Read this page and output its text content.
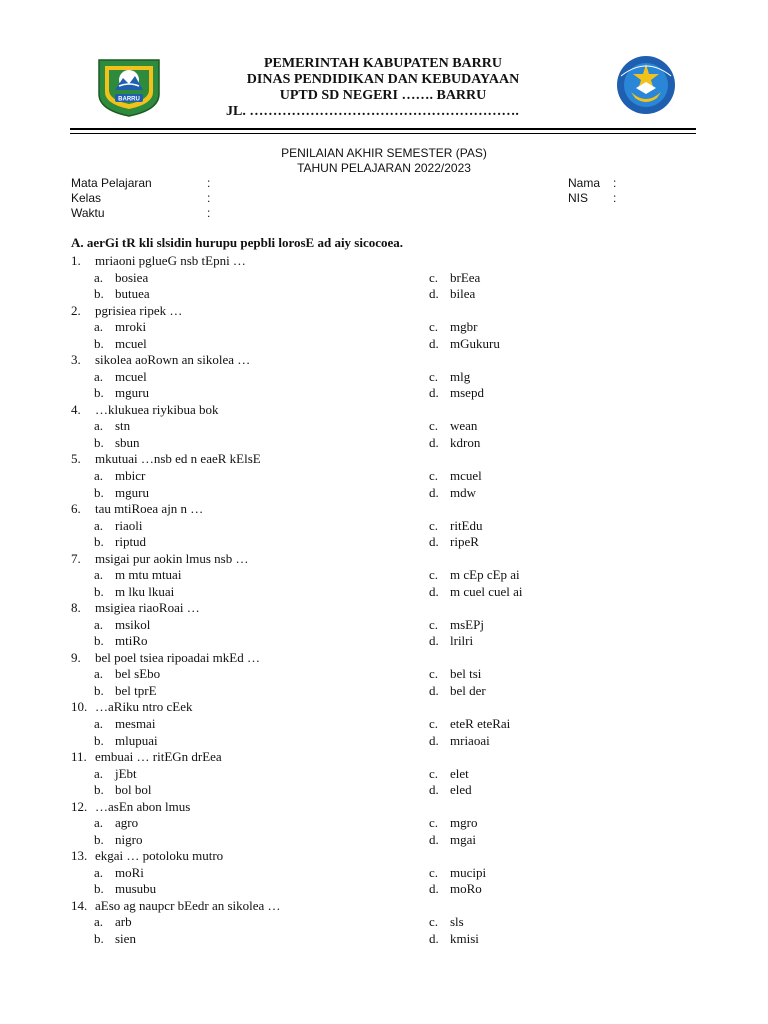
BARRU
PEMERINTAH KABUPATEN BARRU
DINAS PENDIDIKAN DAN KEBUDAYAAN
UPTD SD NEGERI ……. BARRU
JL. ………………………………………………….
PENILAIAN AKHIR SEMESTER (PAS)
TAHUN PELAJARAN 2022/2023
Mata Pelajaran	:
Kelas	:
Waktu	:
Nama :
NIS :
A. aerGi tR kli slsidin hurupu pepbli lorosE ad aiy sicocoea.
1. mriaoni pglueG nsb tEpni …
a. bosiea
b. butuea
c. brEea
d. bilea
2. pgrisiea ripek …
a. mroki
b. mcuel
c. mgbr
d. mGukuru
3. sikolea aoRown an sikolea …
a. mcuel
b. mguru
c. mlg
d. msepd
4. …klukuea riykibua bok
a. stn
b. sbun
c. wean
d. kdron
5. mkutuai …nsb ed n eaeR kElsE
a. mbicr
b. mguru
c. mcuel
d. mdw
6. tau mtiRoea ajn n …
a. riaoli
b. riptud
c. ritEdu
d. ripeR
7. msigai pur aokin lmus nsb …
a. m mtu mtuai
b. m lku lkuai
c. m cEp cEp ai
d. m cuel cuel ai
8. msigiea riaoRoai …
a. msikol
b. mtiRo
c. msEPj
d. lrilri
9. bel poel tsiea ripoadai mkEd …
a. bel sEbo
b. bel tprE
c. bel tsi
d. bel der
10. …aRiku ntro cEek
a. mesmai
b. mlupuai
c. eteR eteRai
d. mriaoai
11. embuai … ritEGn drEea
a. jEbt
b. bol bol
c. elet
d. eled
12. …asEn abon lmus
a. agro
b. nigro
c. mgro
d. mgai
13. ekgai … potoloku mutro
a. moRi
b. musubu
c. mucipi
d. moRo
14. aEso ag naupcr bEedr an sikolea …
a. arb
b. sien
c. sls
d. kmisi
